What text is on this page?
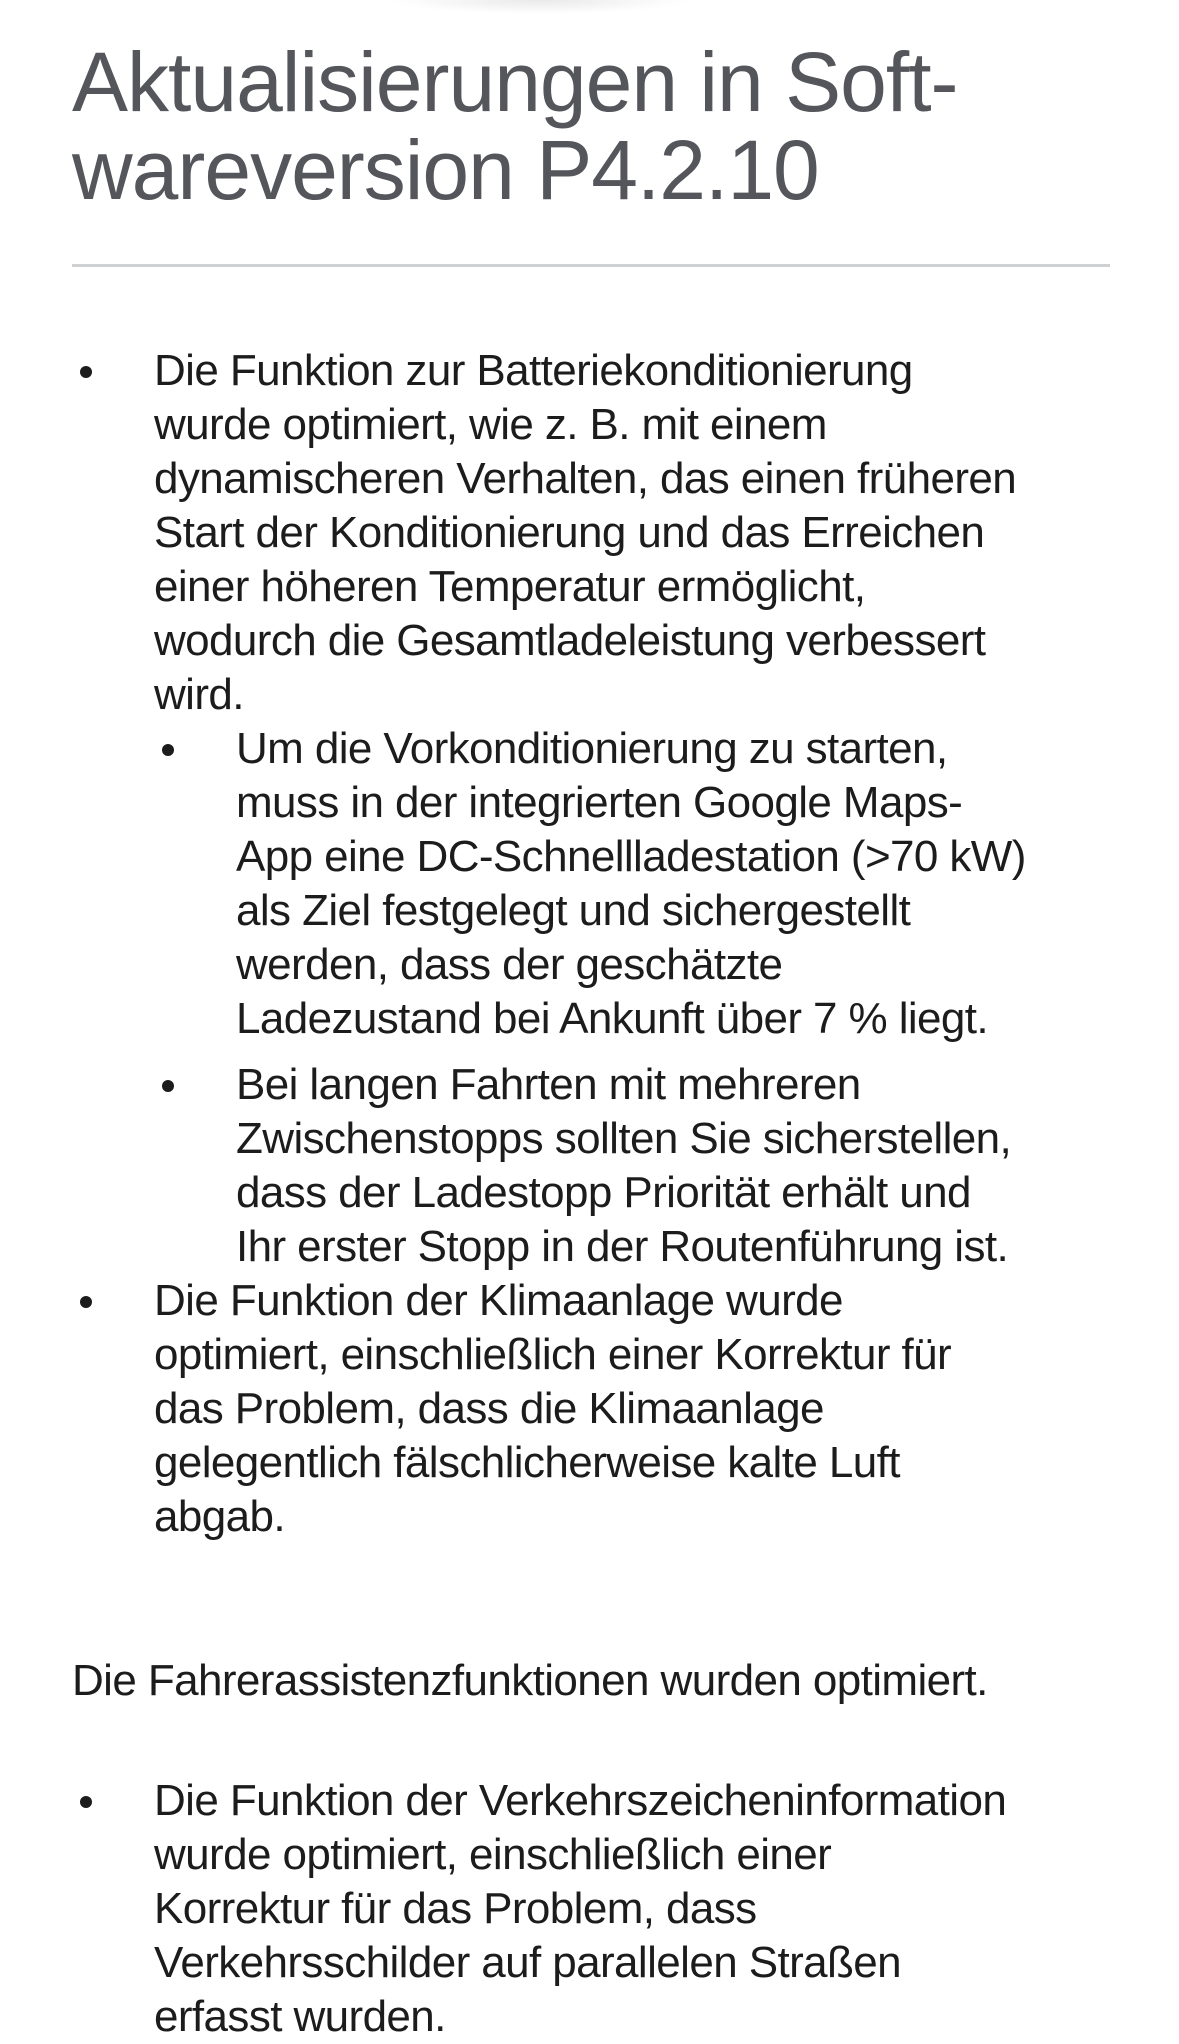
Aktualisierungen in Soft-
wareversion P4.2.10
Die Funktion zur Batteriekonditionierung
wurde optimiert, wie z. B. mit einem
dynamischeren Verhalten, das einen früheren
Start der Konditionierung und das Erreichen
einer höheren Temperatur ermöglicht,
wodurch die Gesamtladeleistung verbessert
wird.
Um die Vorkonditionierung zu starten,
muss in der integrierten Google Maps-
App eine DC-Schnellladestation (>70 kW)
als Ziel festgelegt und sichergestellt
werden, dass der geschätzte
Ladezustand bei Ankunft über 7 % liegt.
Bei langen Fahrten mit mehreren
Zwischenstopps sollten Sie sicherstellen,
dass der Ladestopp Priorität erhält und
Ihr erster Stopp in der Routenführung ist.
Die Funktion der Klimaanlage wurde
optimiert, einschließlich einer Korrektur für
das Problem, dass die Klimaanlage
gelegentlich fälschlicherweise kalte Luft
abgab.

Die Fahrerassistenzfunktionen wurden optimiert.

Die Funktion der Verkehrszeicheninformation
wurde optimiert, einschließlich einer
Korrektur für das Problem, dass
Verkehrsschilder auf parallelen Straßen
erfasst wurden.
